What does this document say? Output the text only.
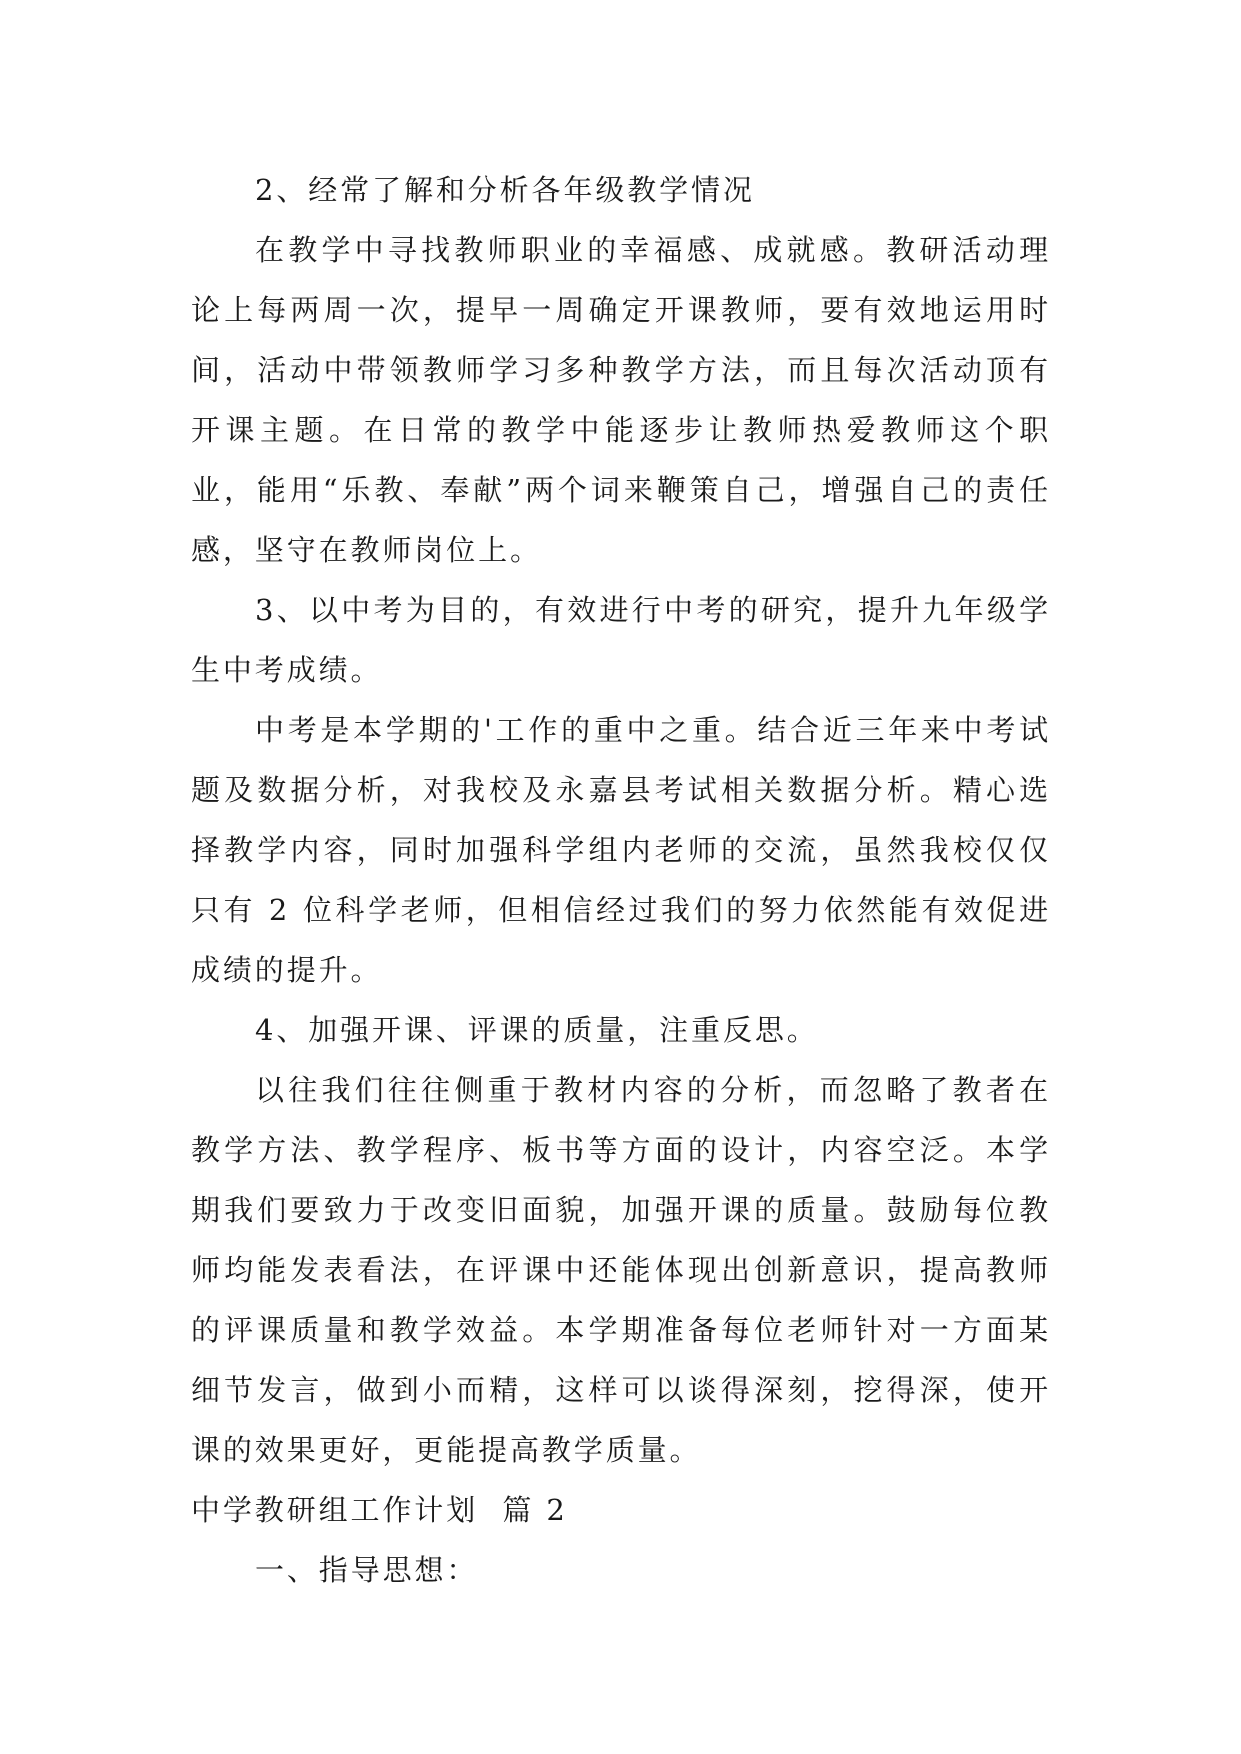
2、经常了解和分析各年级教学情况

在教学中寻找教师职业的幸福感、成就感。教研活动理论上每两周一次，提早一周确定开课教师，要有效地运用时间，活动中带领教师学习多种教学方法，而且每次活动顶有开课主题。在日常的教学中能逐步让教师热爱教师这个职业，能用“乐教、奉献”两个词来鞭策自己，增强自己的责任感，坚守在教师岗位上。

3、以中考为目的，有效进行中考的研究，提升九年级学生中考成绩。

中考是本学期的'工作的重中之重。结合近三年来中考试题及数据分析，对我校及永嘉县考试相关数据分析。精心选择教学内容，同时加强科学组内老师的交流，虽然我校仅仅只有 2 位科学老师，但相信经过我们的努力依然能有效促进成绩的提升。

4、加强开课、评课的质量，注重反思。

以往我们往往侧重于教材内容的分析，而忽略了教者在教学方法、教学程序、板书等方面的设计，内容空泛。本学期我们要致力于改变旧面貌，加强开课的质量。鼓励每位教师均能发表看法，在评课中还能体现出创新意识，提高教师的评课质量和教学效益。本学期准备每位老师针对一方面某细节发言，做到小而精，这样可以谈得深刻，挖得深，使开课的效果更好，更能提高教学质量。

中学教研组工作计划  篇 2

一、指导思想：
